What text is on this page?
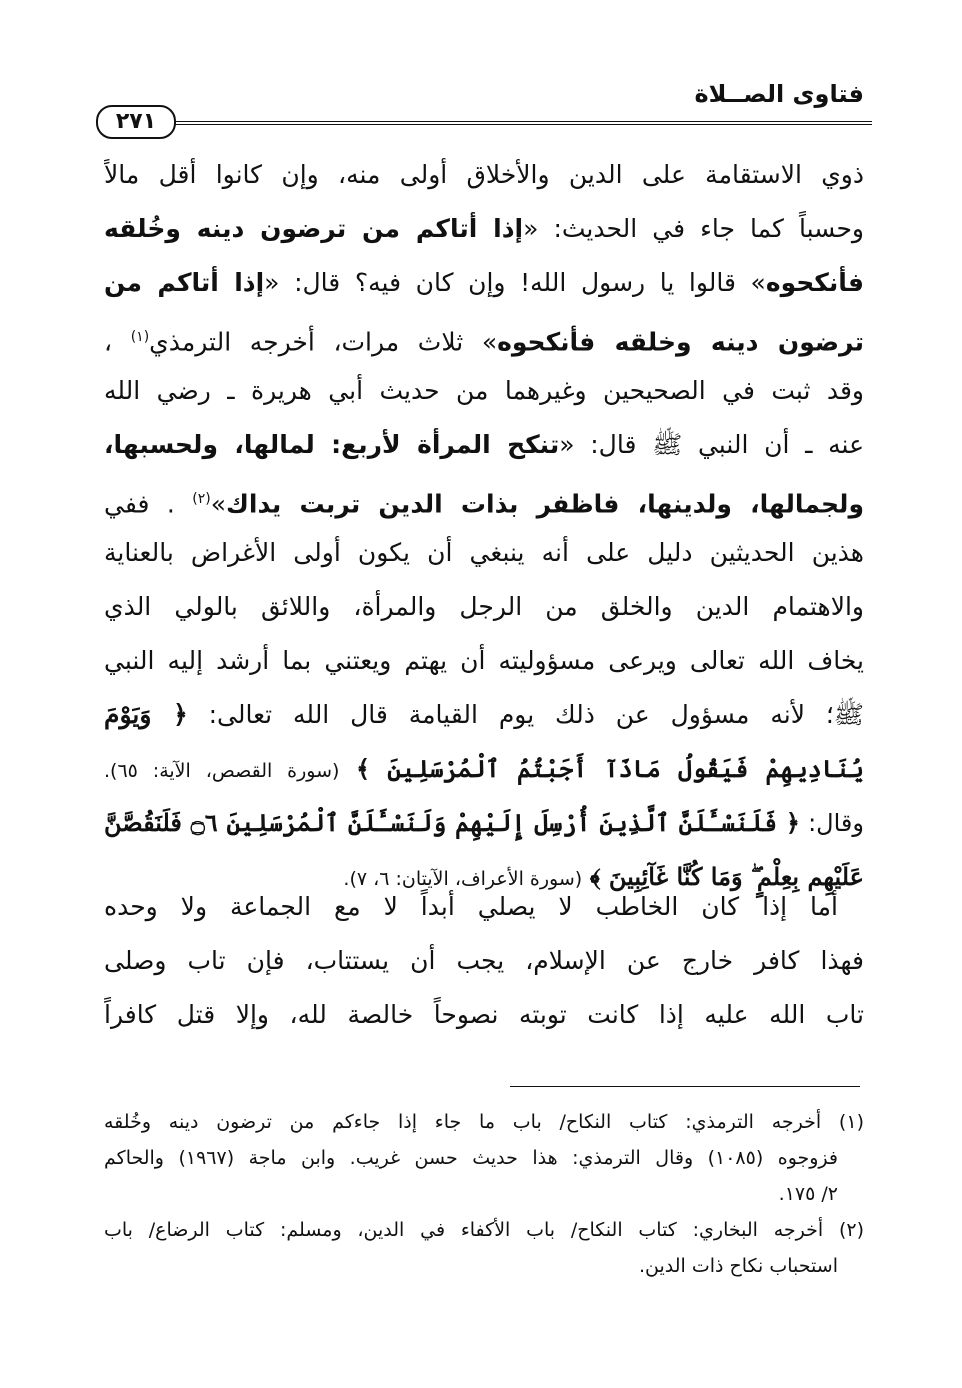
فتاوى الصــلاة
٢٧١
ذوي الاستقامة على الدين والأخلاق أولى منه، وإن كانوا أقل مالاً
وحسباً كما جاء في الحديث: «إذا أتاكم من ترضون دينه وخُلقه
فأنكحوه» قالوا يا رسول الله! وإن كان فيه؟ قال: «إذا أتاكم من
ترضون دينه وخلقه فأنكحوه» ثلاث مرات، أخرجه الترمذي$^{(١)}$ ،
وقد ثبت في الصحيحين وغيرهما من حديث أبي هريرة ـ رضي الله
عنه ـ أن النبي ﷺ قال: «تنكح المرأة لأربع: لمالها، ولحسبها،
ولجمالها، ولدينها، فاظفر بذات الدين تربت يداك»$^{(٢)}$ . ففي
هذين الحديثين دليل على أنه ينبغي أن يكون أولى الأغراض بالعناية
والاهتمام الدين والخلق من الرجل والمرأة، واللائق بالولي الذي
يخاف الله تعالى ويرعى مسؤوليته أن يهتم ويعتني بما أرشد إليه النبي
ﷺ؛ لأنه مسؤول عن ذلك يوم القيامة قال الله تعالى: ﴿ وَيَوْمَ
يُنَادِيهِمْ فَيَقُولُ مَاذَآ أَجَبْتُمُ ٱلْمُرْسَلِينَ ﴾ (سورة القصص، الآية: ٦٥).
وقال: ﴿ فَلَنَسْـَٔلَنَّ ٱلَّذِينَ أُرْسِلَ إِلَيْهِمْ وَلَنَسْـَٔلَنَّ ٱلْمُرْسَلِينَ ۝٦ فَلَنَقُصَّنَّ
عَلَيْهِم بِعِلْمٍ ۖ وَمَا كُنَّا غَآئِبِينَ ﴾ (سورة الأعراف، الآيتان: ٦، ٧).
أما إذا كان الخاطب لا يصلي أبداً لا مع الجماعة ولا وحده
فهذا كافر خارج عن الإسلام، يجب أن يستتاب، فإن تاب وصلى
تاب الله عليه إذا كانت توبته نصوحاً خالصة لله، وإلا قتل كافراً
(١) أخرجه الترمذي: كتاب النكاح/ باب ما جاء إذا جاءكم من ترضون دينه وخُلقه
فزوجوه (١٠٨٥) وقال الترمذي: هذا حديث حسن غريب. وابن ماجة (١٩٦٧) والحاكم
٢/ ١٧٥.
(٢) أخرجه البخاري: كتاب النكاح/ باب الأكفاء في الدين، ومسلم: كتاب الرضاع/ باب
استحباب نكاح ذات الدين.
